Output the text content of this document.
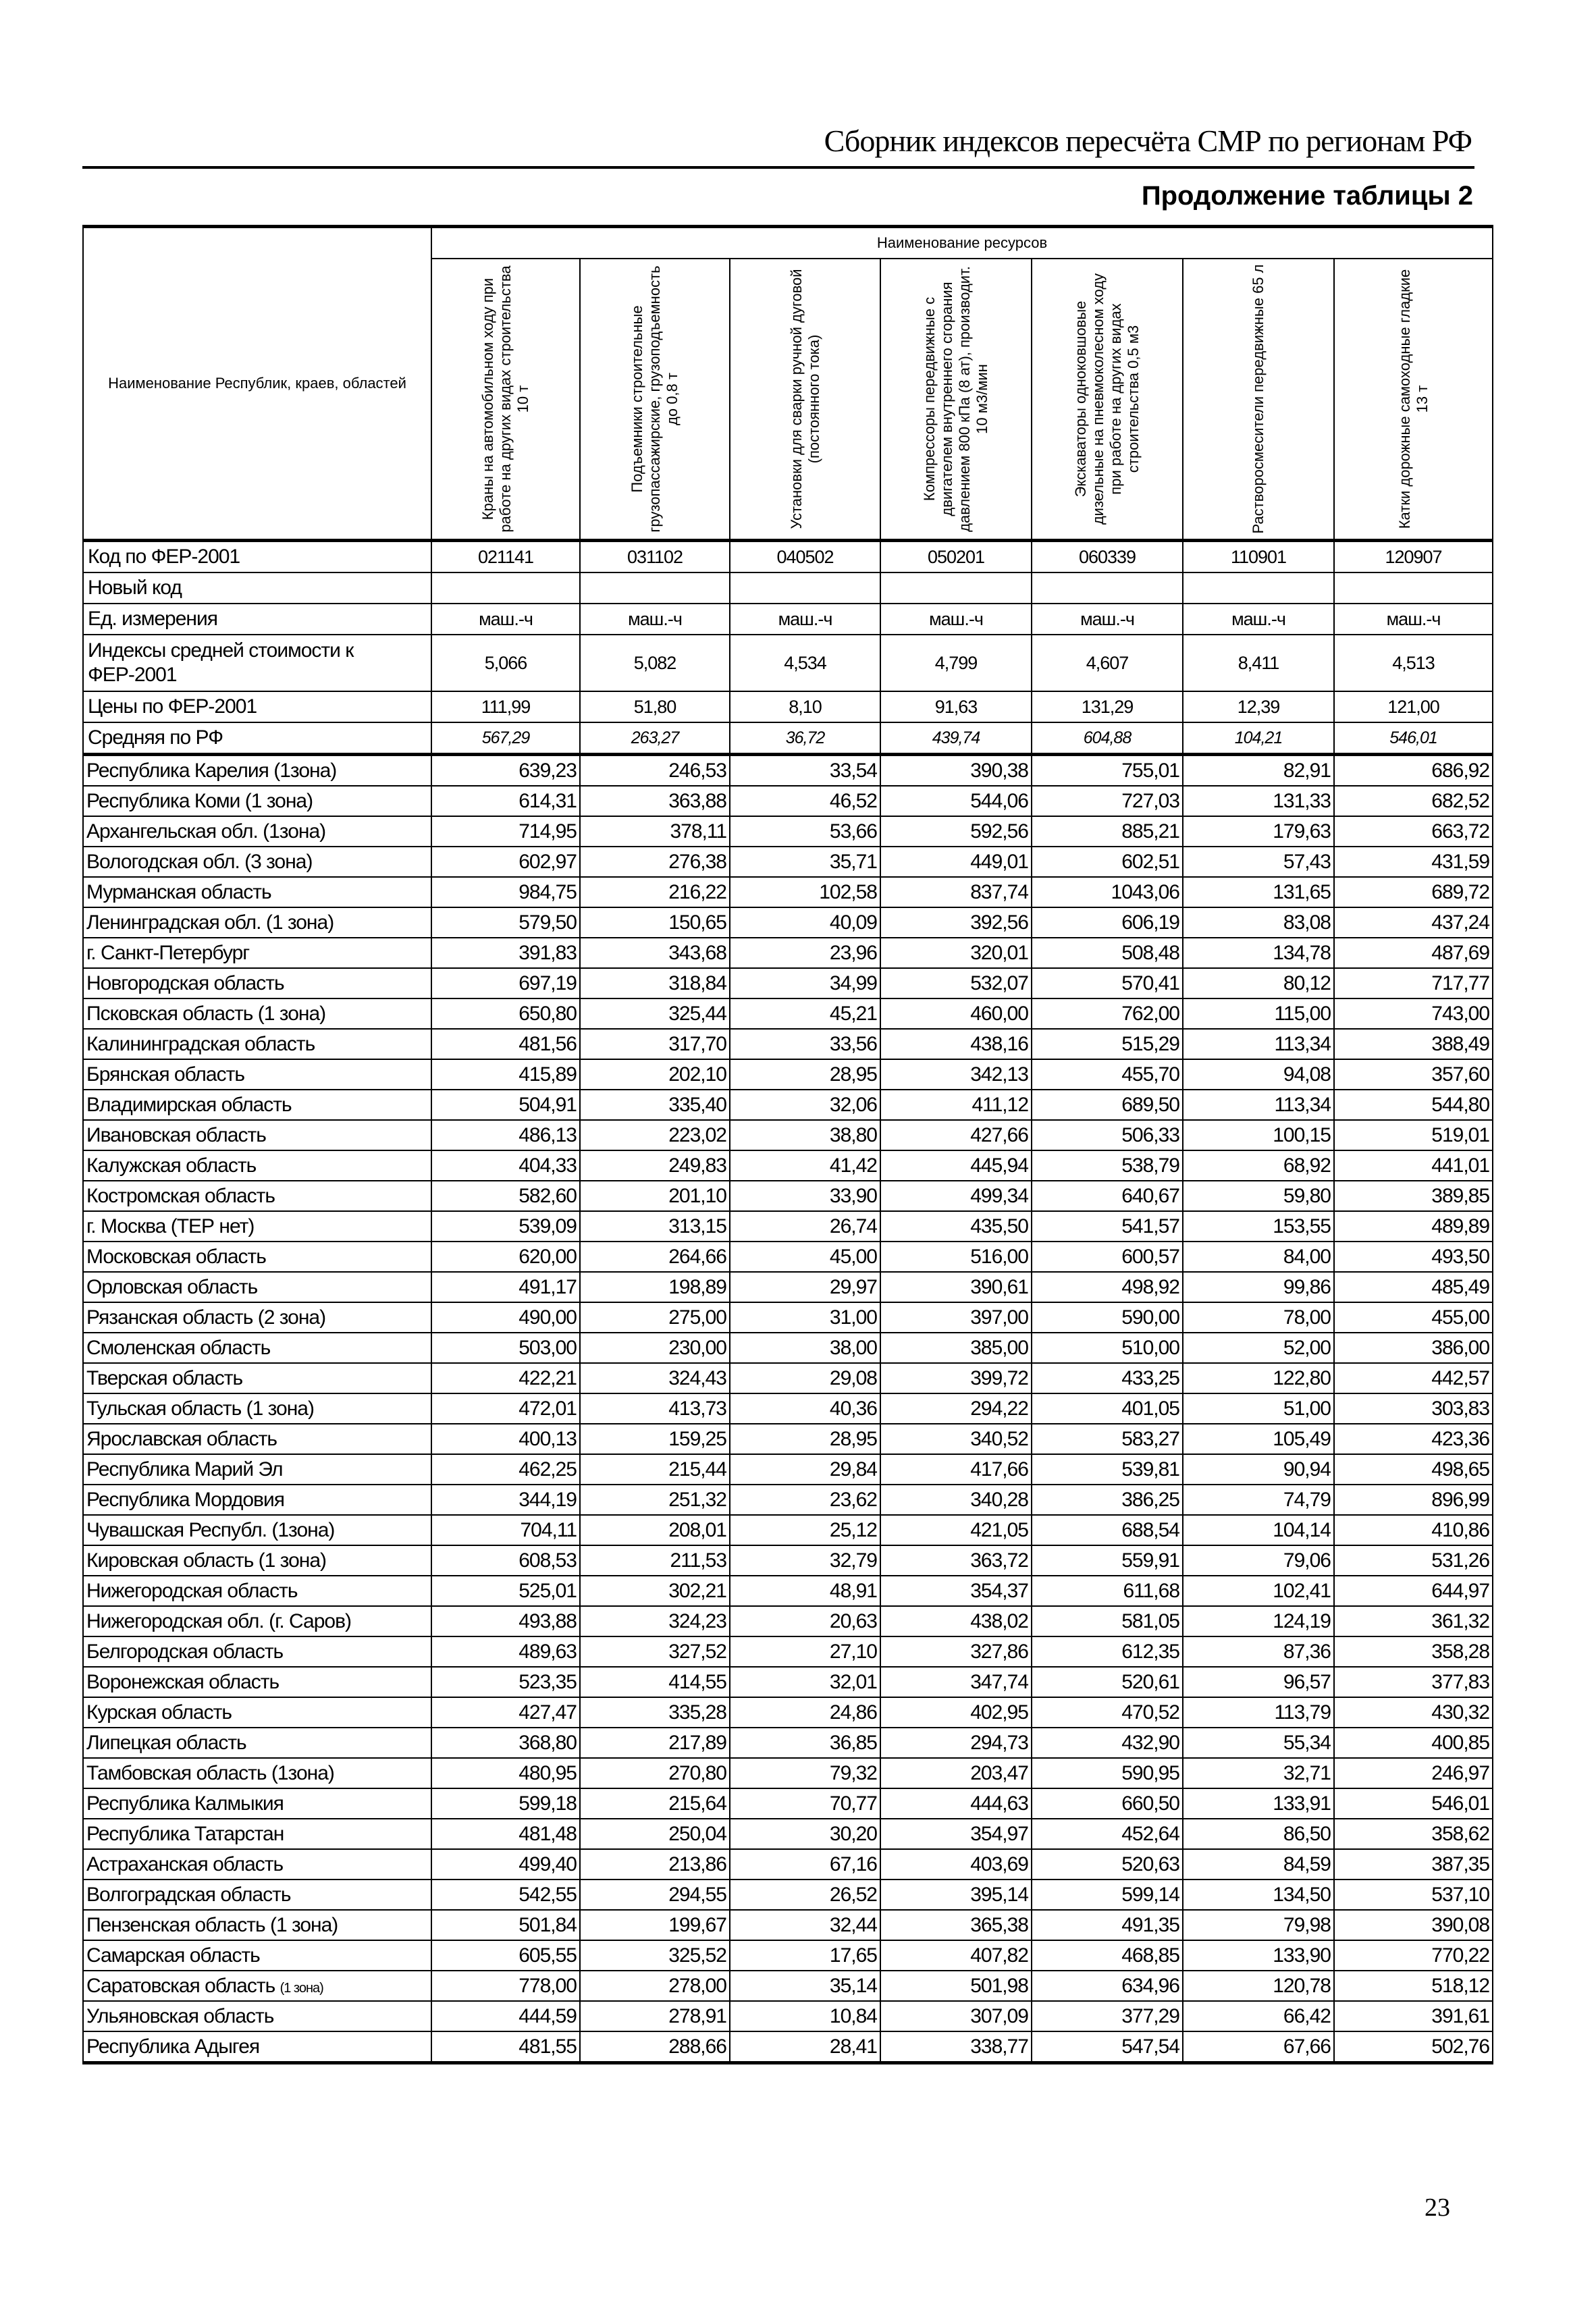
Сборник индексов пересчёта СМР по регионам РФ
Продолжение таблицы 2
Наименование Республик, краев, областей	Наименование ресурсов						

	Краны на автомобильном ходу при работе на других видах строительства 10 т	Подъемники строительные грузопассажирские, грузоподъемность до 0,8 т	Установки для сварки ручной дуговой (постоянного тока)	Компрессоры передвижные с двигателем внутреннего сгорания давлением 800 кПа (8 ат), производит. 10 м3/мин	Экскаваторы одноковшовые дизельные на пневмоколесном ходу при работе на других видах строительства 0,5 м3	Растворосмесители передвижные 65 л	Катки дорожные самоходные гладкие 13 т

Код по ФЕР-2001	021141	031102	040502	050201	060339	110901	120907
Новый код							
Ед. измерения	маш.-ч	маш.-ч	маш.-ч	маш.-ч	маш.-ч	маш.-ч	маш.-ч
Индексы средней стоимости к ФЕР-2001	5,066	5,082	4,534	4,799	4,607	8,411	4,513
Цены по ФЕР-2001	111,99	51,80	8,10	91,63	131,29	12,39	121,00
Средняя по РФ	567,29	263,27	36,72	439,74	604,88	104,21	546,01
Республика Карелия (1зона)	639,23	246,53	33,54	390,38	755,01	82,91	686,92
Республика Коми (1 зона)	614,31	363,88	46,52	544,06	727,03	131,33	682,52
Архангельская обл. (1зона)	714,95	378,11	53,66	592,56	885,21	179,63	663,72
Вологодская обл. (3 зона)	602,97	276,38	35,71	449,01	602,51	57,43	431,59
Мурманская область	984,75	216,22	102,58	837,74	1043,06	131,65	689,72
Ленинградская обл. (1 зона)	579,50	150,65	40,09	392,56	606,19	83,08	437,24
г. Санкт-Петербург	391,83	343,68	23,96	320,01	508,48	134,78	487,69
Новгородская область	697,19	318,84	34,99	532,07	570,41	80,12	717,77
Псковская область (1 зона)	650,80	325,44	45,21	460,00	762,00	115,00	743,00
Калининградская область	481,56	317,70	33,56	438,16	515,29	113,34	388,49
Брянская область	415,89	202,10	28,95	342,13	455,70	94,08	357,60
Владимирская область	504,91	335,40	32,06	411,12	689,50	113,34	544,80
Ивановская область	486,13	223,02	38,80	427,66	506,33	100,15	519,01
Калужская область	404,33	249,83	41,42	445,94	538,79	68,92	441,01
Костромская область	582,60	201,10	33,90	499,34	640,67	59,80	389,85
г. Москва (ТЕР нет)	539,09	313,15	26,74	435,50	541,57	153,55	489,89
Московская область	620,00	264,66	45,00	516,00	600,57	84,00	493,50
Орловская область	491,17	198,89	29,97	390,61	498,92	99,86	485,49
Рязанская область (2 зона)	490,00	275,00	31,00	397,00	590,00	78,00	455,00
Смоленская область	503,00	230,00	38,00	385,00	510,00	52,00	386,00
Тверская область	422,21	324,43	29,08	399,72	433,25	122,80	442,57
Тульская область (1 зона)	472,01	413,73	40,36	294,22	401,05	51,00	303,83
Ярославская область	400,13	159,25	28,95	340,52	583,27	105,49	423,36
Республика Марий Эл	462,25	215,44	29,84	417,66	539,81	90,94	498,65
Республика Мордовия	344,19	251,32	23,62	340,28	386,25	74,79	896,99
Чувашская Республ. (1зона)	704,11	208,01	25,12	421,05	688,54	104,14	410,86
Кировская область (1 зона)	608,53	211,53	32,79	363,72	559,91	79,06	531,26
Нижегородская область	525,01	302,21	48,91	354,37	611,68	102,41	644,97
Нижегородская обл. (г. Саров)	493,88	324,23	20,63	438,02	581,05	124,19	361,32
Белгородская область	489,63	327,52	27,10	327,86	612,35	87,36	358,28
Воронежская область	523,35	414,55	32,01	347,74	520,61	96,57	377,83
Курская область	427,47	335,28	24,86	402,95	470,52	113,79	430,32
Липецкая область	368,80	217,89	36,85	294,73	432,90	55,34	400,85
Тамбовская область (1зона)	480,95	270,80	79,32	203,47	590,95	32,71	246,97
Республика Калмыкия	599,18	215,64	70,77	444,63	660,50	133,91	546,01
Республика Татарстан	481,48	250,04	30,20	354,97	452,64	86,50	358,62
Астраханская область	499,40	213,86	67,16	403,69	520,63	84,59	387,35
Волгоградская область	542,55	294,55	26,52	395,14	599,14	134,50	537,10
Пензенская область (1 зона)	501,84	199,67	32,44	365,38	491,35	79,98	390,08
Самарская область	605,55	325,52	17,65	407,82	468,85	133,90	770,22
Саратовская область (1 зона)	778,00	278,00	35,14	501,98	634,96	120,78	518,12
Ульяновская область	444,59	278,91	10,84	307,09	377,29	66,42	391,61
Республика Адыгея	481,55	288,66	28,41	338,77	547,54	67,66	502,76
23
